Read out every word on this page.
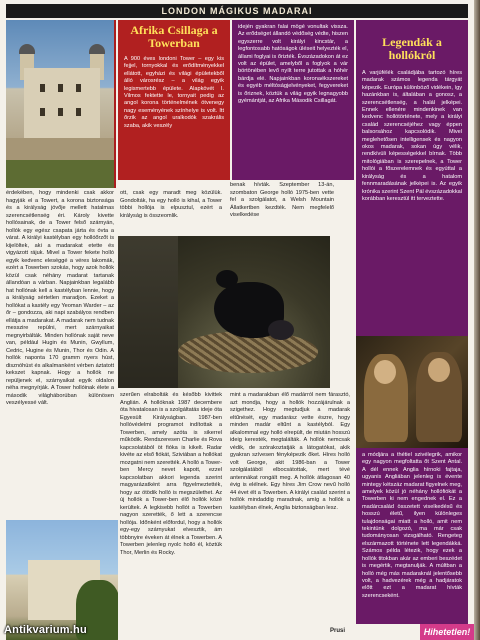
LONDON MÁGIKUS MADARAI
Afrika Csillaga a Towerban
A 900 éves londoni Tower – egy kis fejjel, tornyokkal és erődítményekkel ellátott, egyházi és világi épületekből álló városrész – a világ egyik legismertebb épülete. Alapkövét I. Vilmos fektette le, tornyait pedig az angol korona történelmének ötvenegy nagy eseményének színhelye is volt. Itt őrzik az angol uralkodók szakrális szaba, akik veszély
idején gyakran falai mögé vonultak vissza. Az erődséget állandó védőség védte, hiszen egyszerre volt királyi kincstár, a legfontosabb hatóságok üléseit helyezték el, állami foglyai is őrizték. Évszázadokon át ez volt az épület, amelyből a foglyok a vár börtönében levő nyílt terre jutottak a hóhér bárdja elé. Napjainkban koronaékszereket és egyéb méltóságjelvényeket, fegyvereket is őriznek, köztük a világ egyik legnagyobb gyémántját, az Afrika Második Csillagát.
Legendák a hollókról
A varjúfélék családjába tartozó híres madarak számos legenda tárgyát képezik. Európa különböző vidékein, így hazánkban is, általában a gonosz, a szerencsétlenség, a halál jelképei. Ennek ellenére mindenkinek van kedvenc hollótörténete, mely a királyi család szerencséjéhez vagy éppen balsorsához kapcsolódik. Mivel meglehetősen intelligensek és nagyon okos madarak, sokan úgy vélik, rendkívüli képességekkel bírnak. Több mitológiában is szerepelnek, a Tower hollói a főszerelemnek és egyúttal a királyság és a hatalom fennmaradásának jelképei is. Az egyik krónika szerint Szent Pál évszázadokkal korábban keresztül itt terveztette.
a módjára a thétiel szivélegrik, amikor egy nagyon megfoltatta őt Szent Antal. A dél ennek Anglia hírnoki fajtaja, ugyanis Angliában jelenleg is évente mintegy kétszáz madarat figyelnek meg, amelyek közül jó néhány hollófiókát a Towerben ki nem engednek el. Ez a madárcsalád összetett viselkedésű és hosszú életű, ilyen különleges tulajdonságai miatt a holló, amit nem tekintünk dolgozó, ma már csak tudományosan vizsgálható. Rengeteg elszármazott története lett legendákká. Számos példa létezik, hogy ezek a hollók titokban akár az emberi beszédet is megértik, megtanulják. A múltban a holló még más madaraknál jelentősebb volt, a hadvezérek még a hadjáratok előtt ezt a madarat hívták szerencseként.
érdekében, hogy mindenki csak akkor hagyják el a Towert, a korona biztonsága és a királyság jövője mellett hatalmas szerencsétlenség éri. Károly kivette hollósainak, de a Tower felső szárnyán, hollók egy egész csapata járta és óvta a várat. A királyi kastélyban egy hollóőrzőt is kijelöltek, aki a madarakat etette és vigyázott rájuk. Mivel a Tower fekete holló egyik kedvenc eleséggé a véres lakomák, ezért a Towerben szokás, hogy azok hollók közül csak néhány madarat tartanak állandóan a várban. Napjainkban legalább hat hollónak kell a kastélyban lennie, hogy a királyság sértetlen maradjon. Ezeket a hollókat a kastély egy Yeoman Warder – az őr – gondozza, aki napi szabályos rendben ellátja a madarakat. A madarak nem tudnak messzire repülni, mert szárnyaikat megnyirbálták. Minden hollónak saját neve van, például Hugin és Munin, Gwyllum, Cedric, Hugine és Munin, Thor és Odin. A hollók naponta 170 gramm nyers húst, disznóhúst és alkalmanként vérben áztatott kekszet kapnak. Hogy a hollók ne repüljenek el, szárnyaikat egyik oldalon néha megnyírják. A Tower hollóinak élete a második világháborúban különösen veszélyessé vált.
ott, csak egy maradt meg közülük. Gondolták, ha egy holló is kihal, a Tower többi hollója is elpusztul, ezért a királyság is összeomlik.
benak hívták. Szeptember 13-án, szombaton George holló 1975-ben vette fel a szolgálatot, a Welsh Mountain Állatkertben kezdték. Nem megfelelő viselkedése
szerűen elrabolták és később kivittek Anglián. A hollóknak 1987 decembere óta hivatalosan is a szolgáltatás ideje óta Egyesült Királyságban. 1987-ben hollóvédelmi programot indítottak a Towerben, amely azóta is sikerrel működik. Rendszeresen Charlie és Rova kapcsolatából öt fióka is kikelt. Radar kivéte az első fiókát, Sziviában a hollókat mozgatni nem szerették. A holló a Tower-ben Mercy nevet kapott, ezzel kapcsolatban akkori legenda szerint magyarázatként arra figyelmeztették, hogy az ötödik holló is megszülethet. Az új hollók a Tower-ben élő hollók közé kerültek. A legkisebb hollót a Towerben nagyon szerették, ő lett a szerencse hollója. Időnként előfordul, hogy a hollók egy-egy szárnyukat elvesztik, ám többnyire éveken át élnek a Towerben. A Towerben jelenleg nyolc holló él, köztük Thor, Merlin és Rocky.
mint a madarakban élő madárról nem fárasztó, azt mondja, hogy a hollók hozzájárulnak a szigethez. Hogy megtudjuk a madarak eltűnését, egy madarász vette észre, hogy minden madár eltűnt a kastélyból. Egy alkalommal egy holló elrepült, de miután hosszú ideig keresték, megtalálták. A hollók nemcsak védik, de szórakoztatják a látogatókat, akik gyakran szívesen fényképezik őket. Híres holló volt George, akit 1986-ban a Tower szolgálatából elbocsátottak, mert tévé antennákat rongált meg. A hollók átlagosan 40 évig is elélnek. Egy híres Jim Crow nevű holló 44 évet élt a Towerben. A királyi család szerint a hollók mindaddig maradnak, amíg a hollók a kastélyban élnek, Anglia biztonságban lesz.
Prusi	Hihetetlen!
Antikvarium.hu
